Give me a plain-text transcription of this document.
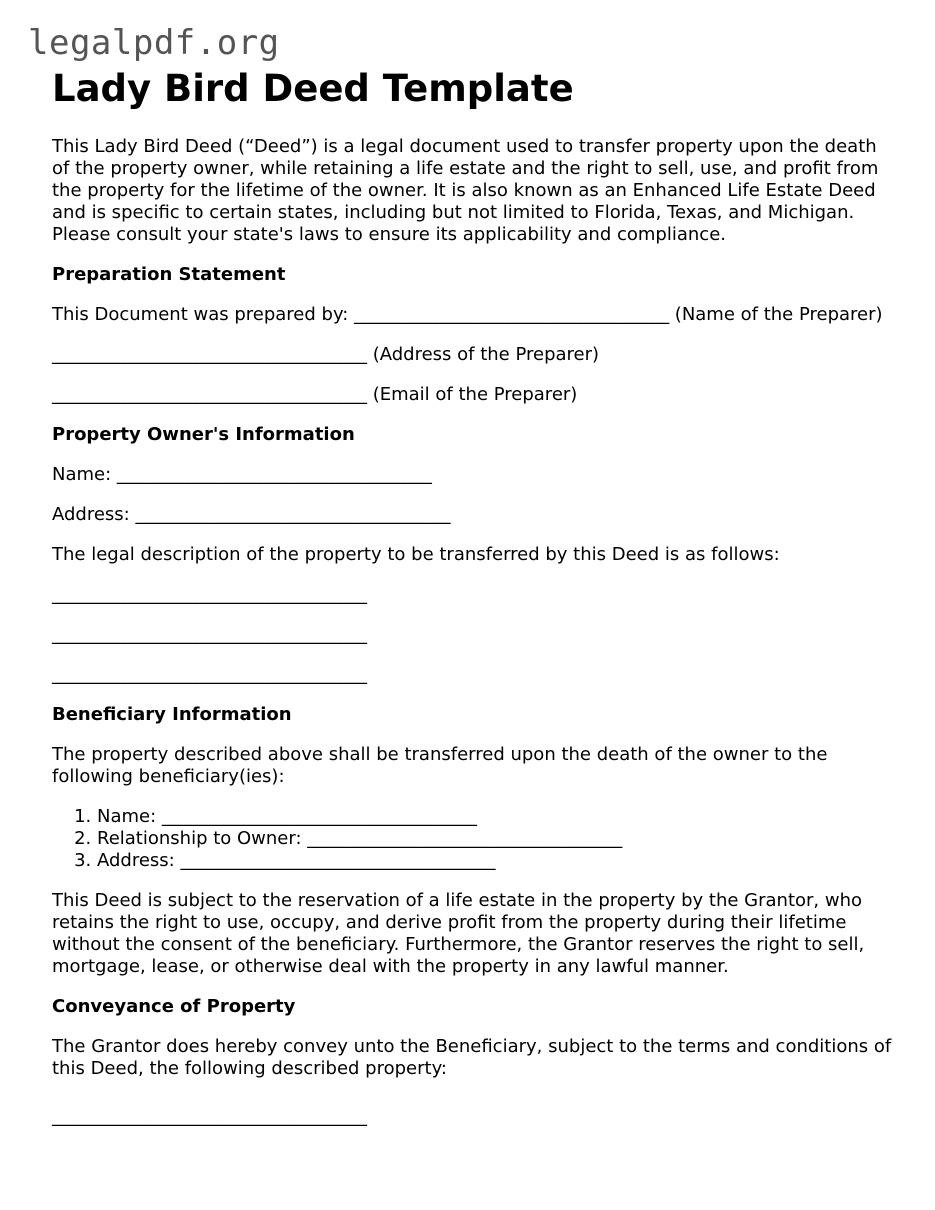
legalpdf.org
Lady Bird Deed Template

This Lady Bird Deed (“Deed”) is a legal document used to transfer property upon the death of the property owner, while retaining a life estate and the right to sell, use, and profit from the property for the lifetime of the owner. It is also known as an Enhanced Life Estate Deed and is specific to certain states, including but not limited to Florida, Texas, and Michigan. Please consult your state's laws to ensure its applicability and compliance.

Preparation Statement

This Document was prepared by: ___________________________________ (Name of the Preparer)

___________________________________ (Address of the Preparer)

___________________________________ (Email of the Preparer)

Property Owner's Information

Name: ___________________________________

Address: ___________________________________

The legal description of the property to be transferred by this Deed is as follows:

___________________________________

___________________________________

___________________________________

Beneficiary Information

The property described above shall be transferred upon the death of the owner to the following beneficiary(ies):

1. Name: ___________________________________
2. Relationship to Owner: ___________________________________
3. Address: ___________________________________

This Deed is subject to the reservation of a life estate in the property by the Grantor, who retains the right to use, occupy, and derive profit from the property during their lifetime without the consent of the beneficiary. Furthermore, the Grantor reserves the right to sell, mortgage, lease, or otherwise deal with the property in any lawful manner.

Conveyance of Property

The Grantor does hereby convey unto the Beneficiary, subject to the terms and conditions of this Deed, the following described property:

___________________________________
